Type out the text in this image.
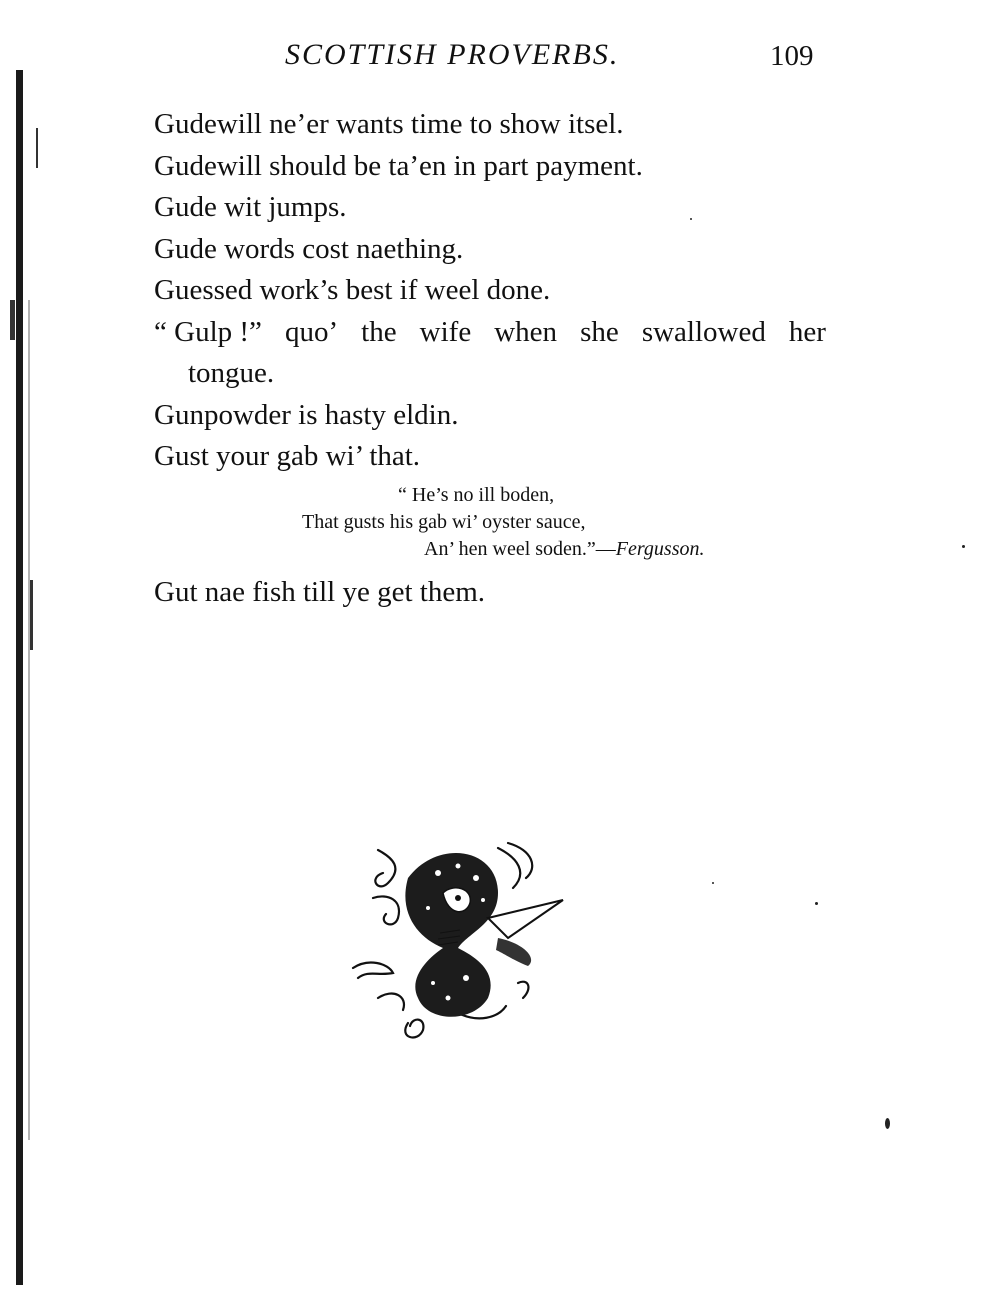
SCOTTISH PROVERBS.	109
Gudewill ne’er wants time to show itsel.
Gudewill should be ta’en in part payment.
Gude wit jumps.
Gude words cost naething.
Guessed work’s best if weel done.
“ Gulp !” quo’ the wife when she swallowed her
tongue.
Gunpowder is hasty eldin.
Gust your gab wi’ that.
“ He’s no ill boden,
That gusts his gab wi’ oyster sauce,
An’ hen weel soden.”—Fergusson.
Gut nae fish till ye get them.
